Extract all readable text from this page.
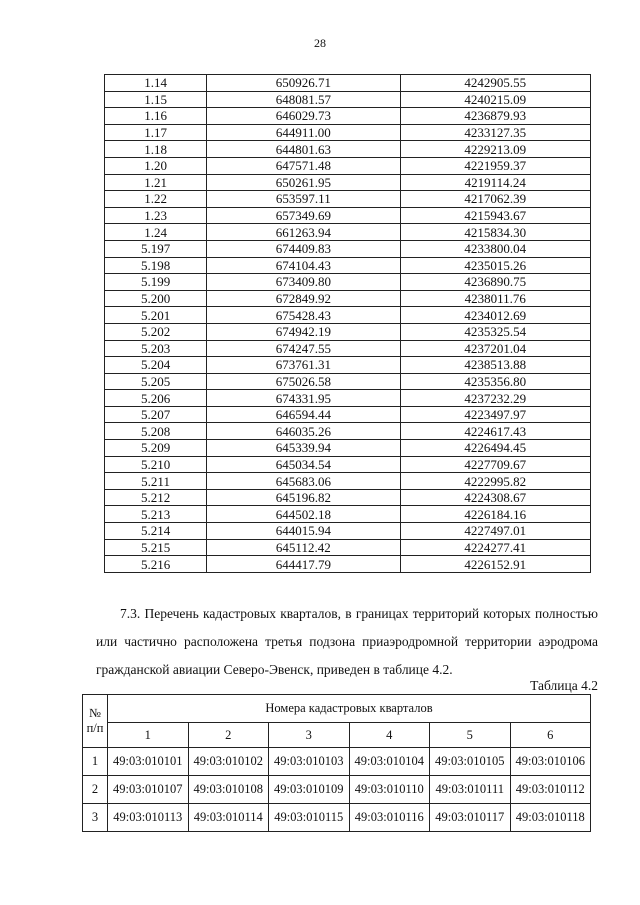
28
1.14	650926.71	4242905.55
1.15	648081.57	4240215.09
1.16	646029.73	4236879.93
1.17	644911.00	4233127.35
1.18	644801.63	4229213.09
1.20	647571.48	4221959.37
1.21	650261.95	4219114.24
1.22	653597.11	4217062.39
1.23	657349.69	4215943.67
1.24	661263.94	4215834.30
5.197	674409.83	4233800.04
5.198	674104.43	4235015.26
5.199	673409.80	4236890.75
5.200	672849.92	4238011.76
5.201	675428.43	4234012.69
5.202	674942.19	4235325.54
5.203	674247.55	4237201.04
5.204	673761.31	4238513.88
5.205	675026.58	4235356.80
5.206	674331.95	4237232.29
5.207	646594.44	4223497.97
5.208	646035.26	4224617.43
5.209	645339.94	4226494.45
5.210	645034.54	4227709.67
5.211	645683.06	4222995.82
5.212	645196.82	4224308.67
5.213	644502.18	4226184.16
5.214	644015.94	4227497.01
5.215	645112.42	4224277.41
5.216	644417.79	4226152.91
7.3. Перечень кадастровых кварталов, в границах территорий которых полностью или частично расположена третья подзона приаэродромной территории аэродрома гражданской авиации Северо-Эвенск, приведен в таблице 4.2.
Таблица 4.2
№ п/п	Номера кадастровых кварталов					
	1	2	3	4	5	6
1	49:03:010101	49:03:010102	49:03:010103	49:03:010104	49:03:010105	49:03:010106
2	49:03:010107	49:03:010108	49:03:010109	49:03:010110	49:03:010111	49:03:010112
3	49:03:010113	49:03:010114	49:03:010115	49:03:010116	49:03:010117	49:03:010118
